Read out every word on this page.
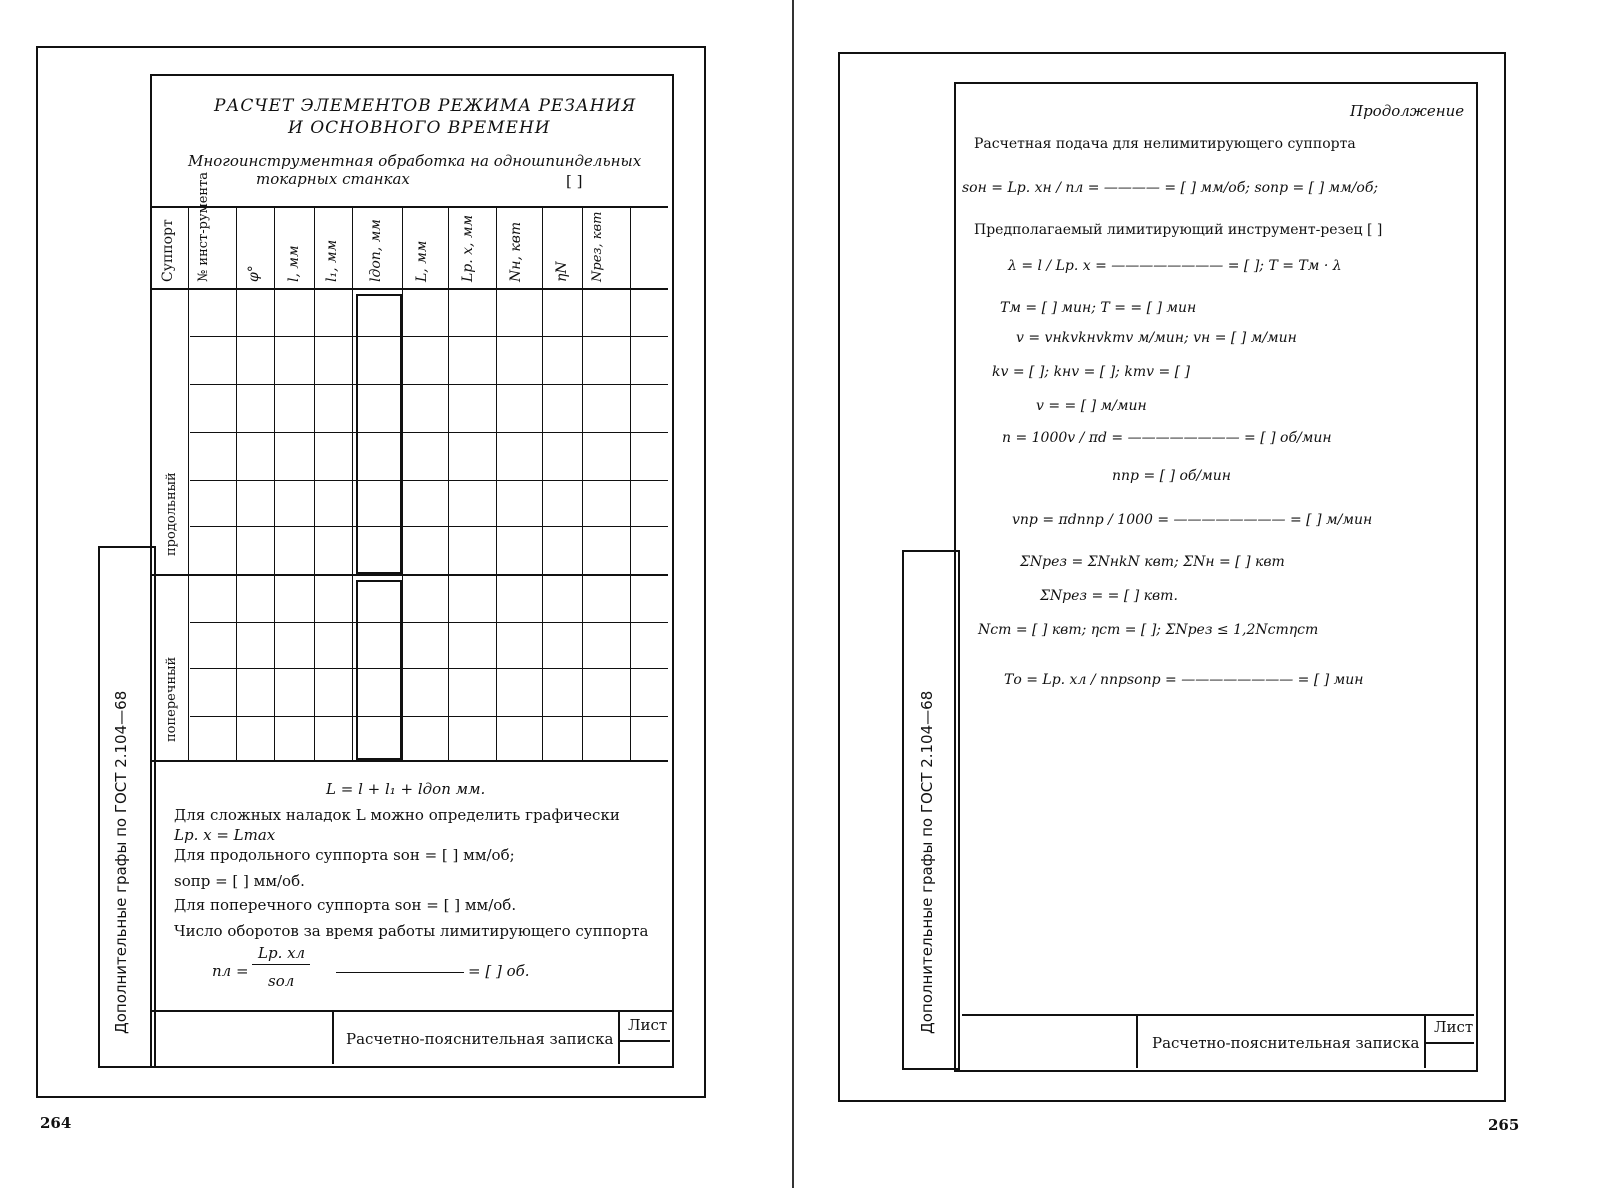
Дополнительные графы по ГОСТ 2.104—68
РАСЧЕТ ЭЛЕМЕНТОВ РЕЖИМА РЕЗАНИЯ
И ОСНОВНОГО ВРЕМЕНИ
Многоинструментная обработка на одношпиндельных
токарных станках	[ ]
Суппорт № инст-румента	φ° l, мм l₁, мм lдоп, мм L, мм Lр. х, мм Nн, квт ηN Nрез, квт
продольный
поперечный
L = l + l₁ + lдоп мм.
Для сложных наладок L можно определить графически
Lр. х = Lmax
Для продольного суппорта sон = [ ] мм/об;
sопр = [ ] мм/об.
Для поперечного суппорта sон = [ ] мм/об.
Число оборотов за время работы лимитирующего суппорта
nл =
Lр. хл
sол
= [ ] об.
Расчетно-пояснительная записка
Лист
264
Дополнительные графы по ГОСТ 2.104—68
Продолжение
Расчетная подача для нелимитирующего суппорта
sон = Lр. хн / nл = ———— = [ ] мм/об; sопр = [ ] мм/об;
Предполагаемый лимитирующий инструмент-резец [ ]
λ = l / Lр. х = ———————— = [ ]; T = Tм · λ
Tм = [ ] мин; T = = [ ] мин
v = vнkvkнvkтv м/мин; vн = [ ] м/мин
kv = [ ]; kнv = [ ]; kтv = [ ]
v = = [ ] м/мин
n = 1000v / πd = ———————— = [ ] об/мин
nпр = [ ] об/мин
vпр = πdnпр / 1000 = ———————— = [ ] м/мин
ΣNрез = ΣNнkN квт; ΣNн = [ ] квт
ΣNрез = = [ ] квт.
Nст = [ ] квт; ηст = [ ]; ΣNрез ≤ 1,2Nстηст
Tо = Lр. хл / nпрsопр = ———————— = [ ] мин
Расчетно-пояснительная записка
Лист
265
